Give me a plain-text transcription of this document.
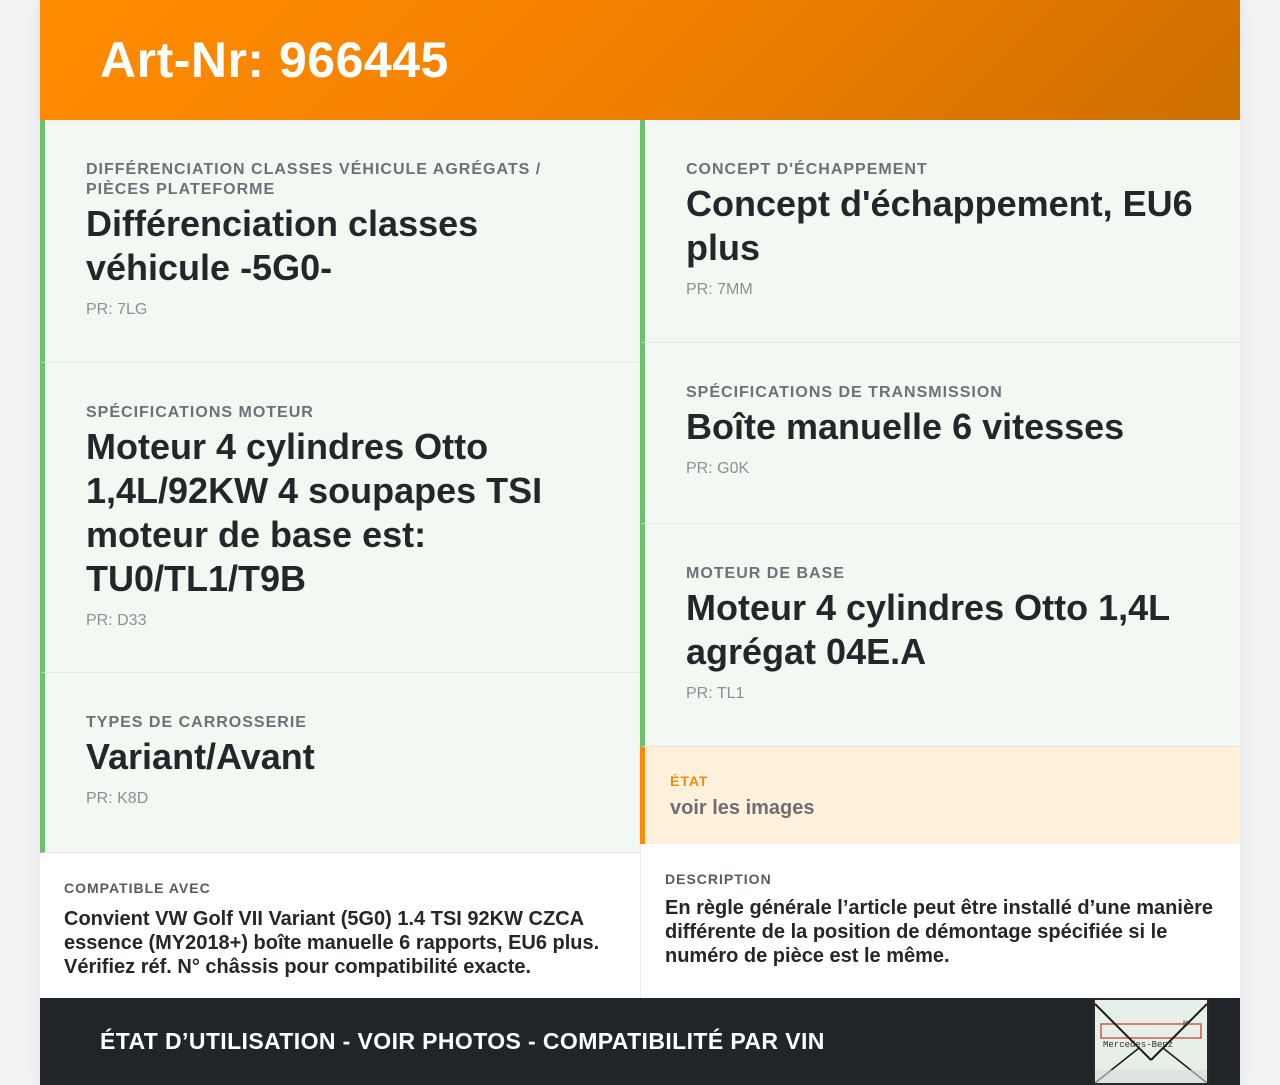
Art-Nr: 966445
DIFFÉRENCIATION CLASSES VÉHICULE AGRÉGATS / PIÈCES PLATEFORME
Différenciation classes véhicule -5G0-
PR: 7LG
SPÉCIFICATIONS MOTEUR
Moteur 4 cylindres Otto 1,4L/92KW 4 soupapes TSI moteur de base est: TU0/TL1/T9B
PR: D33
TYPES DE CARROSSERIE
Variant/Avant
PR: K8D
CONCEPT D'ÉCHAPPEMENT
Concept d'échappement, EU6 plus
PR: 7MM
SPÉCIFICATIONS DE TRANSMISSION
Boîte manuelle 6 vitesses
PR: G0K
MOTEUR DE BASE
Moteur 4 cylindres Otto 1,4L agrégat 04E.A
PR: TL1
ÉTAT
voir les images
COMPATIBLE AVEC
Convient VW Golf VII Variant (5G0) 1.4 TSI 92KW CZCA essence (MY2018+) boîte manuelle 6 rapports, EU6 plus. Vérifiez réf. N° châssis pour compatibilité exacte.
DESCRIPTION
En règle générale l’article peut être installé d’une manière différente de la position de démontage spécifiée si le numéro de pièce est le même.
ÉTAT D’UTILISATION - VOIR PHOTOS - COMPATIBILITÉ PAR VIN
M
Mercedes-Benz
